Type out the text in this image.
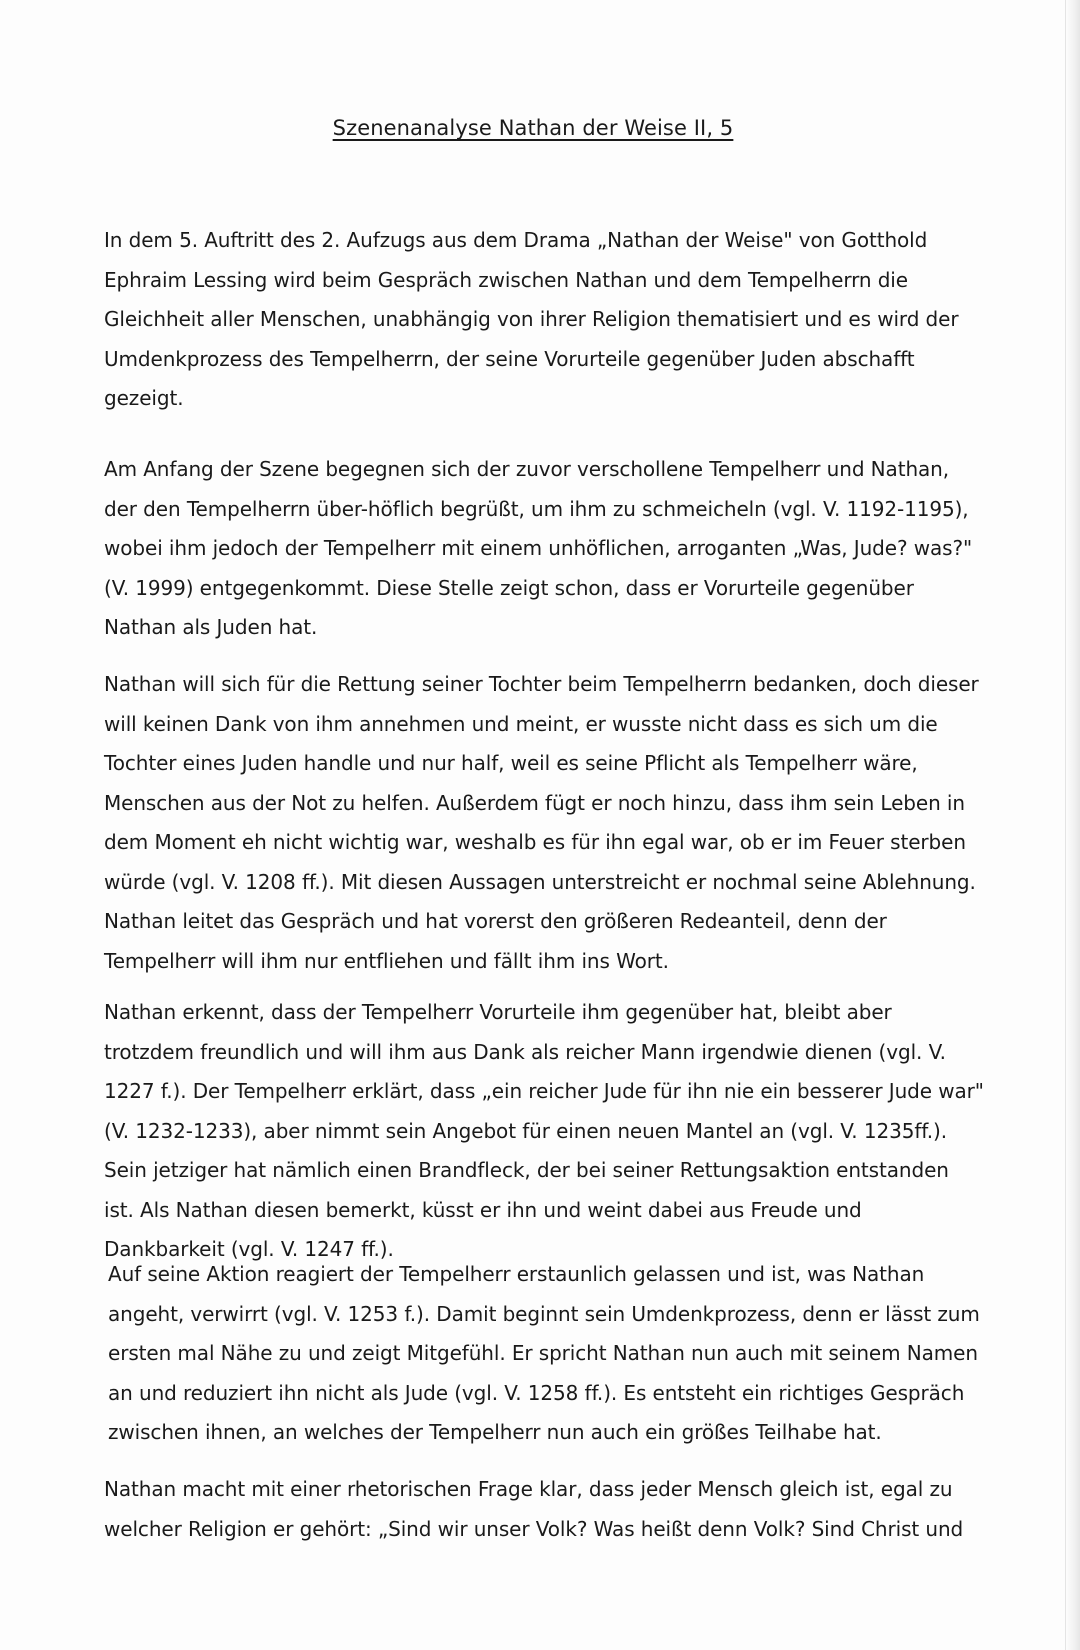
Szenenanalyse Nathan der Weise II, 5

In dem 5. Auftritt des 2. Aufzugs aus dem Drama „Nathan der Weise" von Gotthold Ephraim Lessing wird beim Gespräch zwischen Nathan und dem Tempelherrn die Gleichheit aller Menschen, unabhängig von ihrer Religion thematisiert und es wird der Umdenkprozess des Tempelherrn, der seine Vorurteile gegenüber Juden abschafft gezeigt.

Am Anfang der Szene begegnen sich der zuvor verschollene Tempelherr und Nathan, der den Tempelherrn über-höflich begrüßt, um ihm zu schmeicheln (vgl. V. 1192-1195), wobei ihm jedoch der Tempelherr mit einem unhöflichen, arroganten „Was, Jude? was?" (V. 1999) entgegenkommt. Diese Stelle zeigt schon, dass er Vorurteile gegenüber Nathan als Juden hat.

Nathan will sich für die Rettung seiner Tochter beim Tempelherrn bedanken, doch dieser will keinen Dank von ihm annehmen und meint, er wusste nicht dass es sich um die Tochter eines Juden handle und nur half, weil es seine Pflicht als Tempelherr wäre, Menschen aus der Not zu helfen. Außerdem fügt er noch hinzu, dass ihm sein Leben in dem Moment eh nicht wichtig war, weshalb es für ihn egal war, ob er im Feuer sterben würde (vgl. V. 1208 ff.). Mit diesen Aussagen unterstreicht er nochmal seine Ablehnung. Nathan leitet das Gespräch und hat vorerst den größeren Redeanteil, denn der Tempelherr will ihm nur entfliehen und fällt ihm ins Wort.

Nathan erkennt, dass der Tempelherr Vorurteile ihm gegenüber hat, bleibt aber trotzdem freundlich und will ihm aus Dank als reicher Mann irgendwie dienen (vgl. V. 1227 f.). Der Tempelherr erklärt, dass „ein reicher Jude für ihn nie ein besserer Jude war" (V. 1232-1233), aber nimmt sein Angebot für einen neuen Mantel an (vgl. V. 1235ff.). Sein jetziger hat nämlich einen Brandfleck, der bei seiner Rettungsaktion entstanden ist. Als Nathan diesen bemerkt, küsst er ihn und weint dabei aus Freude und Dankbarkeit (vgl. V. 1247 ff.).

Auf seine Aktion reagiert der Tempelherr erstaunlich gelassen und ist, was Nathan angeht, verwirrt (vgl. V. 1253 f.). Damit beginnt sein Umdenkprozess, denn er lässt zum ersten mal Nähe zu und zeigt Mitgefühl. Er spricht Nathan nun auch mit seinem Namen an und reduziert ihn nicht als Jude (vgl. V. 1258 ff.). Es entsteht ein richtiges Gespräch zwischen ihnen, an welches der Tempelherr nun auch ein größes Teilhabe hat.

Nathan macht mit einer rhetorischen Frage klar, dass jeder Mensch gleich ist, egal zu welcher Religion er gehört: „Sind wir unser Volk? Was heißt denn Volk? Sind Christ und
